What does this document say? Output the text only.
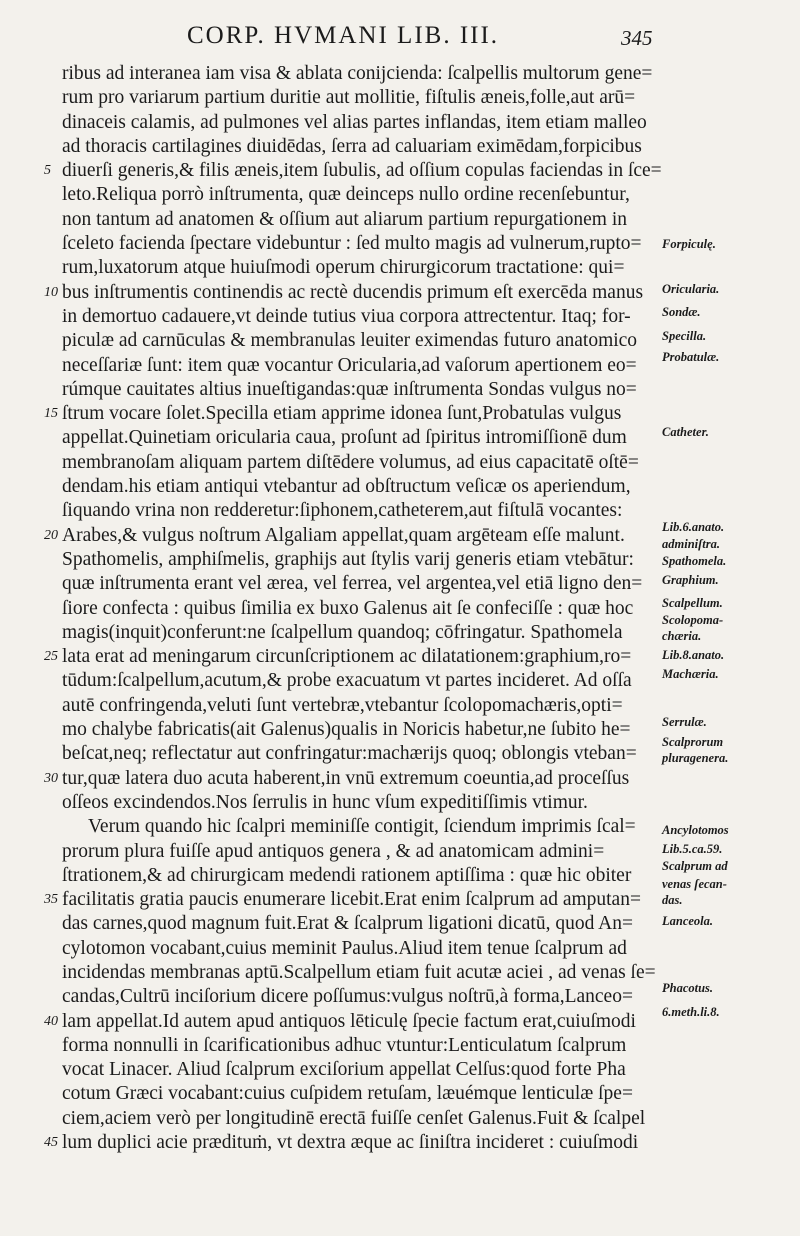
CORP. HVMANI LIB. III.	345
ribus ad interanea iam visa & ablata conijcienda: ſcalpellis multorum gene=
rum pro variarum partium duritie aut mollitie, fiſtulis æneis,folle,aut arū=
dinaceis calamis, ad pulmones vel alias partes inflandas, item etiam malleo
ad thoracis cartilagines diuidēdas, ſerra ad caluariam eximēdam,forpicibus
5 diuerſi generis,& filis æneis,item ſubulis, ad oſſium copulas faciendas in ſce=
leto.Reliqua porrò inſtrumenta, quæ deinceps nullo ordine recenſebuntur,
non tantum ad anatomen & oſſium aut aliarum partium repurgationem in
ſceleto facienda ſpectare videbuntur : ſed multo magis ad vulnerum,rupto=
rum,luxatorum atque huiuſmodi operum chirurgicorum tractatione: qui=
10 bus inſtrumentis continendis ac rectè ducendis primum eſt exercēda manus
in demortuo cadauere,vt deinde tutius viua corpora attrectentur. Itaq; for-
piculæ ad carnūculas & membranulas leuiter eximendas futuro anatomico
neceſſariæ ſunt: item quæ vocantur Oricularia,ad vaſorum apertionem eo=
rúmque cauitates altius inueſtigandas:quæ inſtrumenta Sondas vulgus no=
15 ſtrum vocare ſolet.Specilla etiam apprime idonea ſunt,Probatulas vulgus
appellat.Quinetiam oricularia caua, proſunt ad ſpiritus intromiſſionē dum
membranoſam aliquam partem diſtēdere volumus, ad eius capacitatē oſtē=
dendam.his etiam antiqui vtebantur ad obſtructum veſicæ os aperiendum,
ſiquando vrina non redderetur:ſiphonem,catheterem,aut fiſtulā vocantes:
20 Arabes,& vulgus noſtrum Algaliam appellat,quam argēteam eſſe malunt.
Spathomelis, amphiſmelis, graphijs aut ſtylis varij generis etiam vtebātur:
quæ inſtrumenta erant vel ærea, vel ferrea, vel argentea,vel etiā ligno den=
ſiore confecta : quibus ſimilia ex buxo Galenus ait ſe confeciſſe : quæ hoc
magis(inquit)conferunt:ne ſcalpellum quandoq; cōfringatur. Spathomela
25 lata erat ad meningarum circunſcriptionem ac dilatationem:graphium,ro=
tūdum:ſcalpellum,acutum,& probe exacuatum vt partes incideret. Ad oſſa
autē confringenda,veluti ſunt vertebræ,vtebantur ſcolopomachæris,opti=
mo chalybe fabricatis(ait Galenus)qualis in Noricis habetur,ne ſubito he=
beſcat,neq; reflectatur aut confringatur:machærijs quoq; oblongis vteban=
30 tur,quæ latera duo acuta haberent,in vnū extremum coeuntia,ad proceſſus
oſſeos excindendos.Nos ſerrulis in hunc vſum expeditiſſimis vtimur.
Verum quando hic ſcalpri meminiſſe contigit, ſciendum imprimis ſcal=
prorum plura fuiſſe apud antiquos genera , & ad anatomicam admini=
ſtrationem,& ad chirurgicam medendi rationem aptiſſima : quæ hic obiter
35 facilitatis gratia paucis enumerare licebit.Erat enim ſcalprum ad amputan=
das carnes,quod magnum fuit.Erat & ſcalprum ligationi dicatū, quod An=
cylotomon vocabant,cuius meminit Paulus.Aliud item tenue ſcalprum ad
incidendas membranas aptū.Scalpellum etiam fuit acutæ aciei , ad venas ſe=
candas,Cultrū inciſorium dicere poſſumus:vulgus noſtrū,à forma,Lanceo=
40 lam appellat.Id autem apud antiquos lēticulę ſpecie factum erat,cuiuſmodi
forma nonnulli in ſcarificationibus adhuc vtuntur:Lenticulatum ſcalprum
vocat Linacer. Aliud ſcalprum exciſorium appellat Celſus:quod forte Pha
cotum Græci vocabant:cuius cuſpidem retuſam, læuémque lenticulæ ſpe=
ciem,aciem verò per longitudinē erectā fuiſſe cenſet Galenus.Fuit & ſcalpel
45 lum duplici acie prædituṁ, vt dextra æque ac ſiniſtra incideret : cuiuſmodi
Forpiculę.
Oricularia.
Sondæ.
Specilla.
Probatulæ.
Catheter.
Lib.6.anato.
adminiſtra.
Spathomela.
Graphium.
Scalpellum.
Scolopoma-
chæria.
Lib.8.anato.
Machæria.
Serrulæ.
Scalprorum
pluragenera.
Ancylotomos
Lib.5.ca.59.
Scalprum ad
venas ſecan-
das.
Lanceola.
Phacotus.
6.meth.li.8.
